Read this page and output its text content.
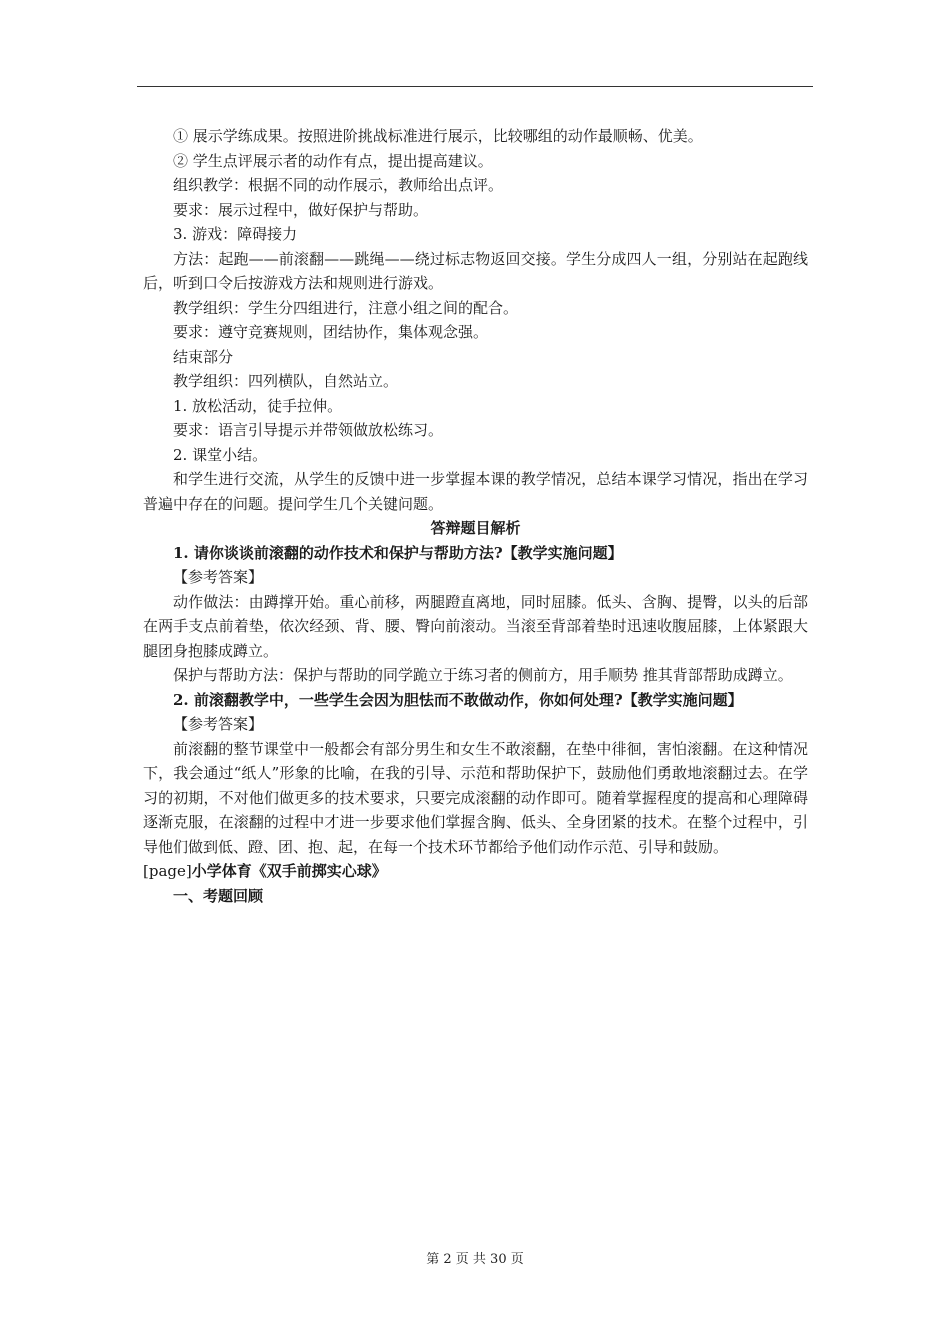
① 展示学练成果。按照进阶挑战标准进行展示，比较哪组的动作最顺畅、优美。

② 学生点评展示者的动作有点，提出提高建议。

组织教学：根据不同的动作展示，教师给出点评。

要求：展示过程中，做好保护与帮助。

3. 游戏：障碍接力

方法：起跑——前滚翻——跳绳——绕过标志物返回交接。学生分成四人一组，分别站在起跑线后，听到口令后按游戏方法和规则进行游戏。

教学组织：学生分四组进行，注意小组之间的配合。

要求：遵守竞赛规则，团结协作，集体观念强。

结束部分

教学组织：四列横队，自然站立。

1. 放松活动，徒手拉伸。

要求：语言引导提示并带领做放松练习。

2. 课堂小结。

和学生进行交流，从学生的反馈中进一步掌握本课的教学情况，总结本课学习情况，指出在学习普遍中存在的问题。提问学生几个关键问题。

答辩题目解析

1. 请你谈谈前滚翻的动作技术和保护与帮助方法?【教学实施问题】

【参考答案】

动作做法：由蹲撑开始。重心前移，两腿蹬直离地，同时屈膝。低头、含胸、提臀，以头的后部在两手支点前着垫，依次经颈、背、腰、臀向前滚动。当滚至背部着垫时迅速收腹屈膝，上体紧跟大腿团身抱膝成蹲立。

保护与帮助方法：保护与帮助的同学跪立于练习者的侧前方，用手顺势 推其背部帮助成蹲立。

2. 前滚翻教学中，一些学生会因为胆怯而不敢做动作，你如何处理?【教学实施问题】

【参考答案】

前滚翻的整节课堂中一般都会有部分男生和女生不敢滚翻，在垫中徘徊，害怕滚翻。在这种情况下，我会通过“纸人”形象的比喻，在我的引导、示范和帮助保护下，鼓励他们勇敢地滚翻过去。在学习的初期，不对他们做更多的技术要求，只要完成滚翻的动作即可。随着掌握程度的提高和心理障碍逐渐克服，在滚翻的过程中才进一步要求他们掌握含胸、低头、全身团紧的技术。在整个过程中，引导他们做到低、蹬、团、抱、起，在每一个技术环节都给予他们动作示范、引导和鼓励。

[page]小学体育《双手前掷实心球》

一、考题回顾

第 2 页 共 30 页
